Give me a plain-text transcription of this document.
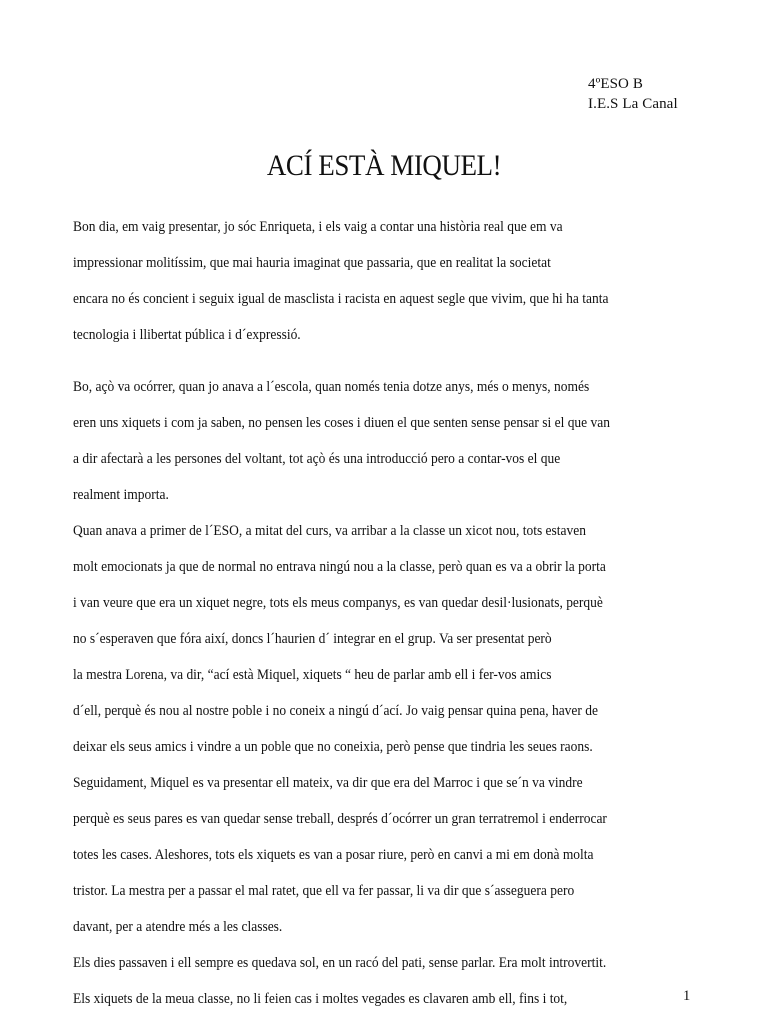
4ºESO B
I.E.S La Canal
ACÍ ESTÀ MIQUEL!
Bon dia, em vaig presentar, jo sóc Enriqueta, i els vaig a contar una història real que em va
impressionar molitíssim, que mai hauria imaginat que passaria, que en realitat la societat
encara no és concient i seguix igual de masclista i racista en aquest segle que vivim, que hi ha tanta
tecnologia i llibertat pública i d´expressió.
Bo, açò va ocórrer, quan jo anava a l´escola, quan només tenia dotze anys, més o menys, només
eren uns xiquets i com ja saben, no pensen les coses i diuen el que senten sense pensar si el que van
a dir afectarà a les persones del voltant, tot açò és una introducció pero a contar-vos el que
realment importa.
Quan anava a primer de l´ESO, a mitat del curs, va arribar a la classe un xicot nou, tots estaven
molt emocionats ja que de normal no entrava ningú nou a la classe, però quan es va a obrir la porta
i van veure que era un xiquet negre, tots els meus companys, es van quedar desil·lusionats, perquè
no s´esperaven que fóra així, doncs l´haurien d´ integrar en el grup. Va ser presentat però
la mestra Lorena, va dir, “ací està Miquel, xiquets “ heu de parlar amb ell i fer-vos amics
d´ell, perquè és nou al nostre poble i no coneix a ningú d´ací. Jo vaig pensar quina pena, haver de
deixar els seus amics i vindre a un poble que no coneixia, però pense que tindria les seues raons.
Seguidament, Miquel es va presentar ell mateix, va dir que era del Marroc i que se´n va vindre
perquè es seus pares es van quedar sense treball, després d´ocórrer un gran terratremol i enderrocar
totes les cases. Aleshores, tots els xiquets es van a posar riure, però en canvi a mi em donà molta
tristor. La mestra per a passar el mal ratet, que ell va fer passar, li va dir que s´asseguera pero
davant, per a atendre més a les classes.
Els dies passaven i ell sempre es quedava sol, en un racó del pati, sense parlar. Era molt introvertit.
Els xiquets de la meua classe, no li feien cas i moltes vegades es clavaren amb ell, fins i tot,	1
